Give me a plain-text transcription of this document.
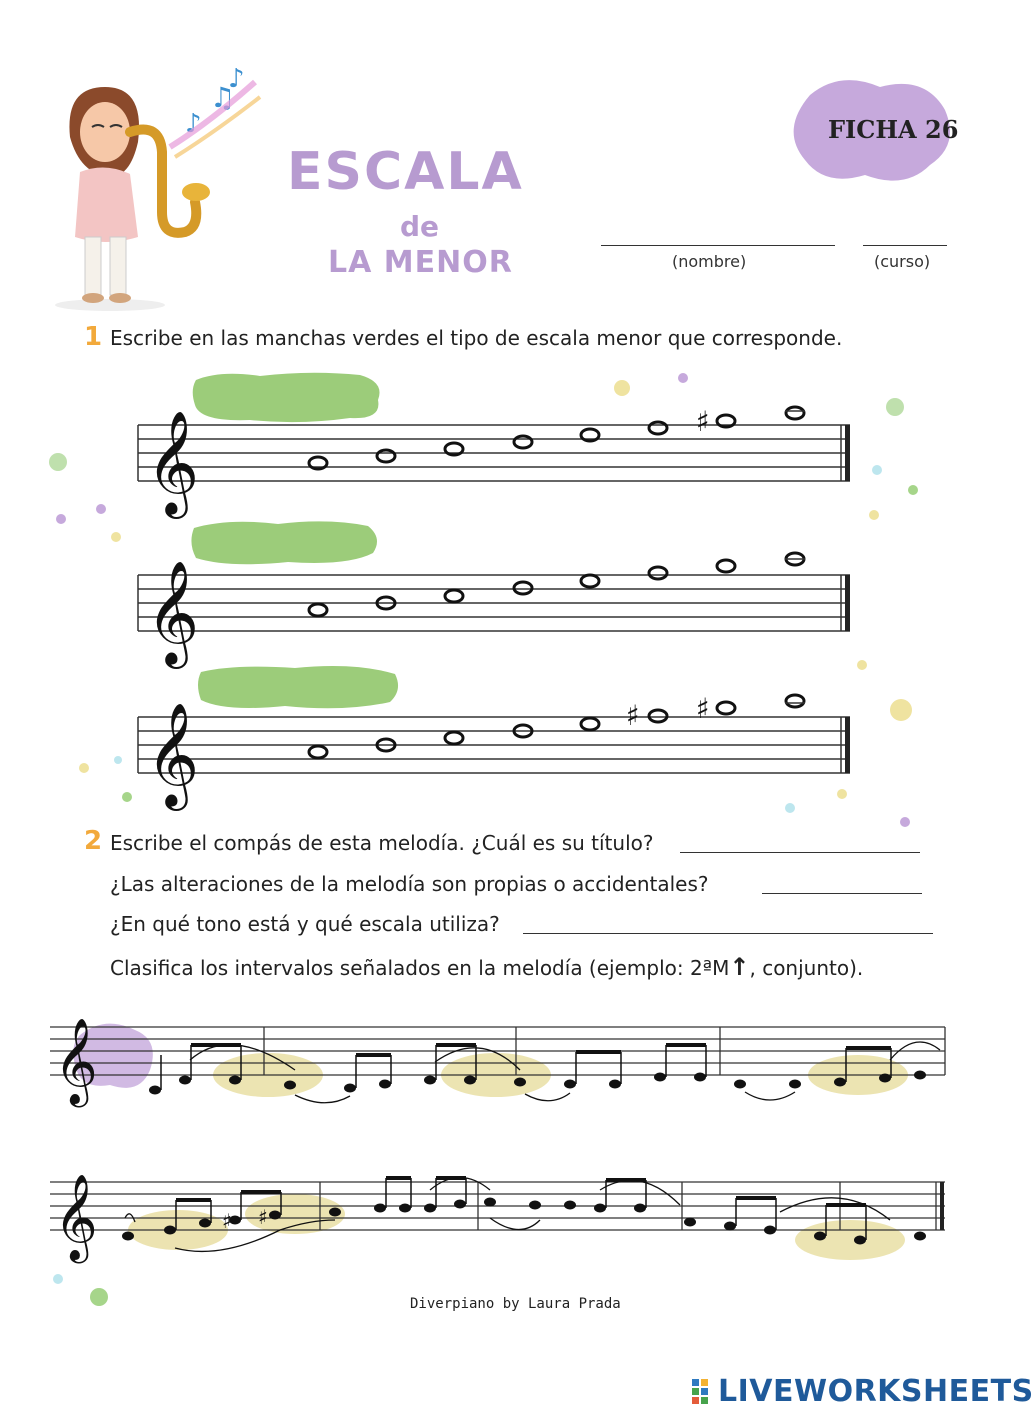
♪
♫
♪
ESCALA
de
LA MENOR
FICHA 26
(nombre)	(curso)
1 Escribe en las manchas verdes el tipo de escala menor que corresponde.
𝄞	♯
𝄞
𝄞	♯ ♯
2 Escribe el compás de esta melodía. ¿Cuál es su título?
¿Las alteraciones de la melodía son propias o accidentales?
¿En qué tono está y qué escala utiliza?
Clasifica los intervalos señalados en la melodía (ejemplo: 2ªM↑, conjunto).
𝄞
𝄞	♯ ♯
Diverpiano by Laura Prada
LIVEWORKSHEETS
